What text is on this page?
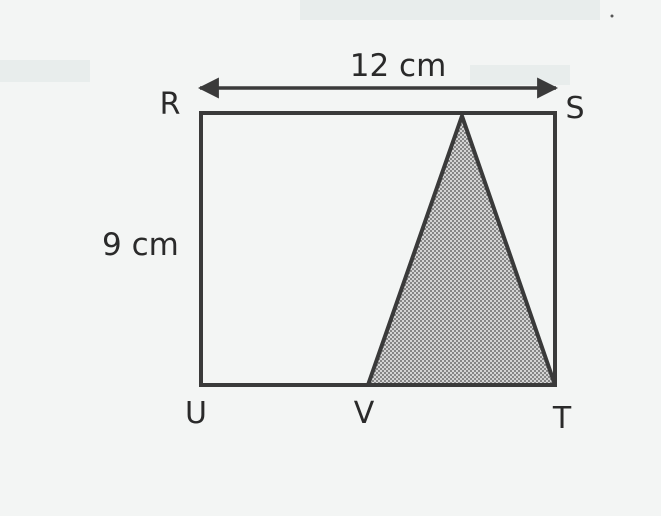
12 cm
9 cm
R	S
U	V	T
